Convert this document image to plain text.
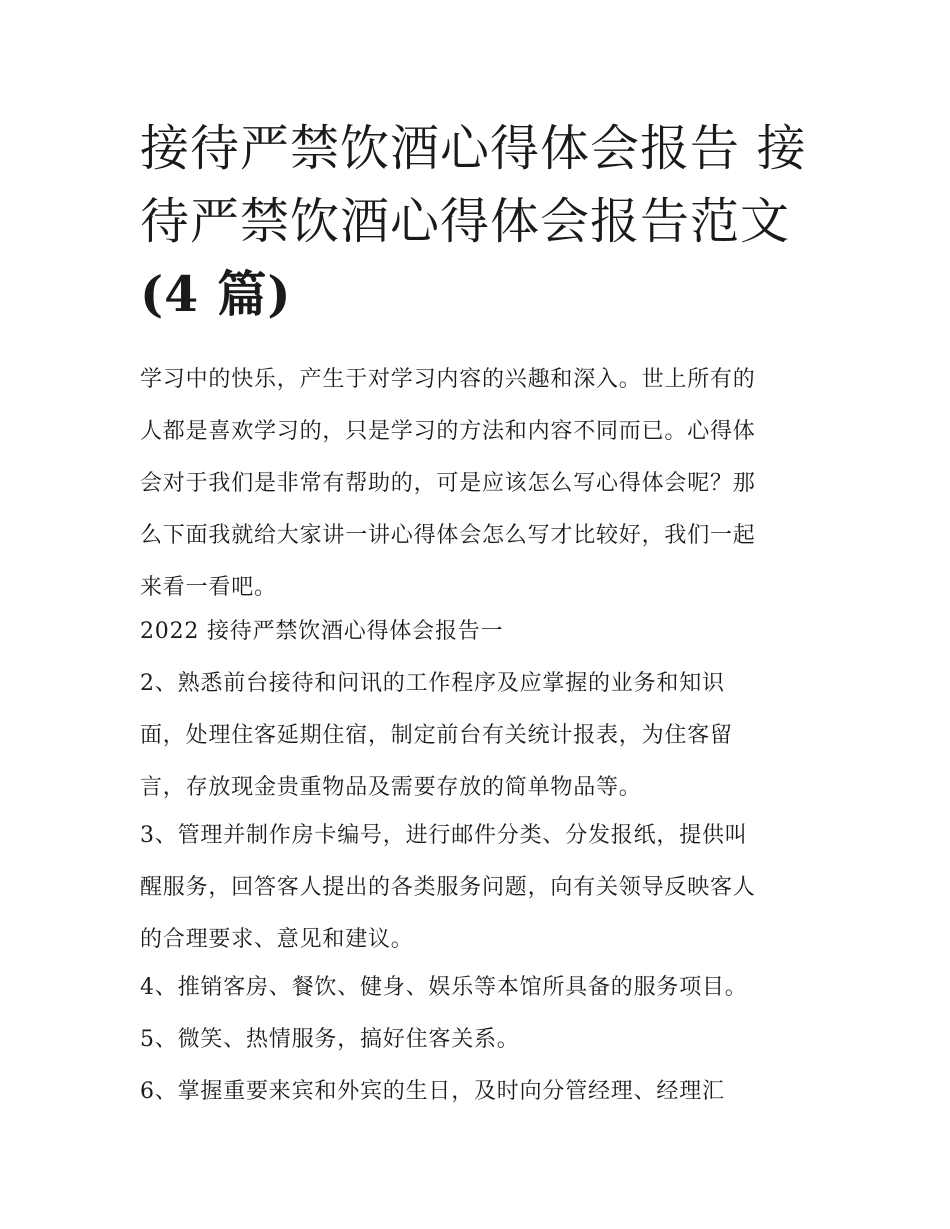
接待严禁饮酒心得体会报告 接
待严禁饮酒心得体会报告范文
(4 篇)

学习中的快乐，产生于对学习内容的兴趣和深入。世上所有的
人都是喜欢学习的，只是学习的方法和内容不同而已。心得体
会对于我们是非常有帮助的，可是应该怎么写心得体会呢？那
么下面我就给大家讲一讲心得体会怎么写才比较好，我们一起
来看一看吧。

2022 接待严禁饮酒心得体会报告一

2、熟悉前台接待和问讯的工作程序及应掌握的业务和知识
面，处理住客延期住宿，制定前台有关统计报表，为住客留
言，存放现金贵重物品及需要存放的简单物品等。

3、管理并制作房卡编号，进行邮件分类、分发报纸，提供叫
醒服务，回答客人提出的各类服务问题，向有关领导反映客人
的合理要求、意见和建议。

4、推销客房、餐饮、健身、娱乐等本馆所具备的服务项目。

5、微笑、热情服务，搞好住客关系。

6、掌握重要来宾和外宾的生日，及时向分管经理、经理汇
